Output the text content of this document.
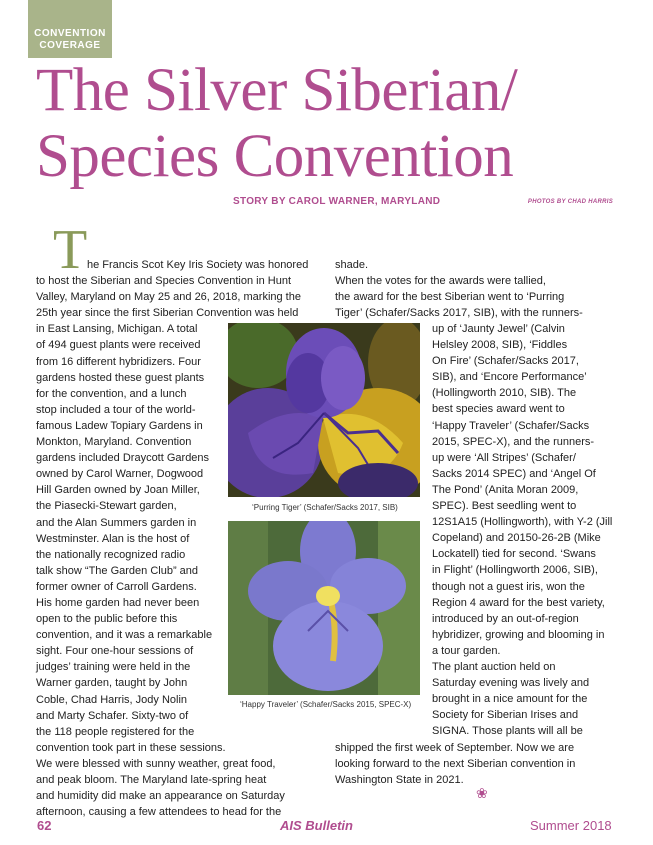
CONVENTION
COVERAGE
The Silver Siberian/
Species Convention
STORY BY CAROL WARNER, MARYLAND	PHOTOS BY CHAD HARRIS
T he Francis Scot Key Iris Society was honored
to host the Siberian and Species Convention in Hunt
Valley, Maryland on May 25 and 26, 2018, marking the
25th year since the first Siberian Convention was held
in East Lansing, Michigan. A total
of 494 guest plants were received
from 16 different hybridizers. Four
gardens hosted these guest plants
for the convention, and a lunch
stop included a tour of the world-
famous Ladew Topiary Gardens in
Monkton, Maryland. Convention
gardens included Draycott Gardens
owned by Carol Warner, Dogwood
Hill Garden owned by Joan Miller,
the Piasecki-Stewart garden,
and the Alan Summers garden in
Westminster. Alan is the host of
the nationally recognized radio
talk show “The Garden Club” and
former owner of Carroll Gardens.
His home garden had never been
open to the public before this
convention, and it was a remarkable
sight. Four one-hour sessions of
judges’ training were held in the
Warner garden, taught by John
Coble, Chad Harris, Jody Nolin
and Marty Schafer. Sixty-two of
the 118 people registered for the
convention took part in these sessions.
We were blessed with sunny weather, great food,
and peak bloom. The Maryland late-spring heat
and humidity did make an appearance on Saturday
afternoon, causing a few attendees to head for the
shade.
When the votes for the awards were tallied,
the award for the best Siberian went to ‘Purring
Tiger’ (Schafer/Sacks 2017, SIB), with the runners-
up of ‘Jaunty Jewel’ (Calvin
Helsley 2008, SIB), ‘Fiddles
On Fire’ (Schafer/Sacks 2017,
SIB), and ‘Encore Performance’
(Hollingworth 2010, SIB). The
best species award went to
‘Happy Traveler’ (Schafer/Sacks
2015, SPEC-X), and the runners-
up were ‘All Stripes’ (Schafer/
Sacks 2014 SPEC) and ‘Angel Of
The Pond’ (Anita Moran 2009,
SPEC). Best seedling went to
12S1A15 (Hollingworth), with Y-2 (Jill
Copeland) and 20150-26-2B (Mike
Lockatell) tied for second. ‘Swans
in Flight’ (Hollingworth 2006, SIB),
though not a guest iris, won the
Region 4 award for the best variety,
introduced by an out-of-region
hybridizer, growing and blooming in
a tour garden.
The plant auction held on
Saturday evening was lively and
brought in a nice amount for the
Society for Siberian Irises and
SIGNA. Those plants will all be
shipped the first week of September. Now we are
looking forward to the next Siberian convention in
Washington State in 2021.
‘Purring Tiger’ (Schafer/Sacks 2017, SIB)
‘Happy Traveler’ (Schafer/Sacks 2015, SPEC-X)
❀
62	AIS Bulletin	Summer 2018
